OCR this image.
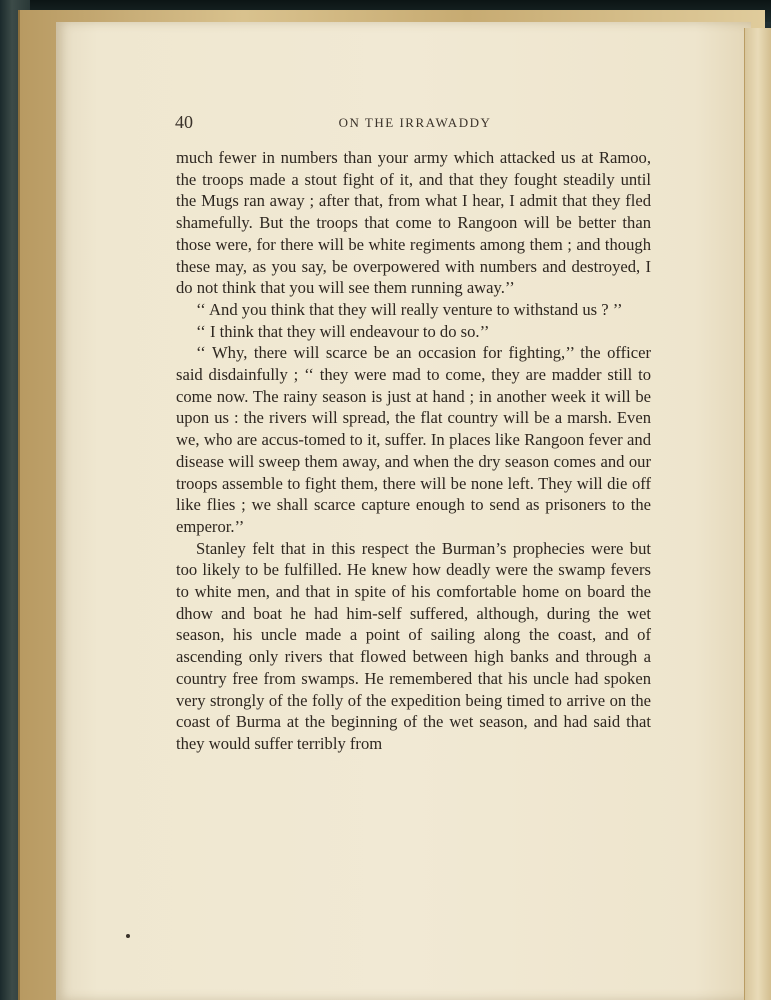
40	ON THE IRRAWADDY

much fewer in numbers than your army which attacked us at Ramoo, the troops made a stout fight of it, and that they fought steadily until the Mugs ran away ; after that, from what I hear, I admit that they fled shamefully. But the troops that come to Rangoon will be better than those were, for there will be white regiments among them ; and though these may, as you say, be overpowered with numbers and destroyed, I do not think that you will see them running away.’’

‘‘ And you think that they will really venture to withstand us ? ’’

‘‘ I think that they will endeavour to do so.’’

‘‘ Why, there will scarce be an occasion for fighting,’’ the officer said disdainfully ; ‘‘ they were mad to come, they are madder still to come now. The rainy season is just at hand ; in another week it will be upon us : the rivers will spread, the flat country will be a marsh. Even we, who are accus-tomed to it, suffer. In places like Rangoon fever and disease will sweep them away, and when the dry season comes and our troops assemble to fight them, there will be none left. They will die off like flies ; we shall scarce capture enough to send as prisoners to the emperor.’’

Stanley felt that in this respect the Burman’s prophecies were but too likely to be fulfilled. He knew how deadly were the swamp fevers to white men, and that in spite of his comfortable home on board the dhow and boat he had him-self suffered, although, during the wet season, his uncle made a point of sailing along the coast, and of ascending only rivers that flowed between high banks and through a country free from swamps. He remembered that his uncle had spoken very strongly of the folly of the expedition being timed to arrive on the coast of Burma at the beginning of the wet season, and had said that they would suffer terribly from
